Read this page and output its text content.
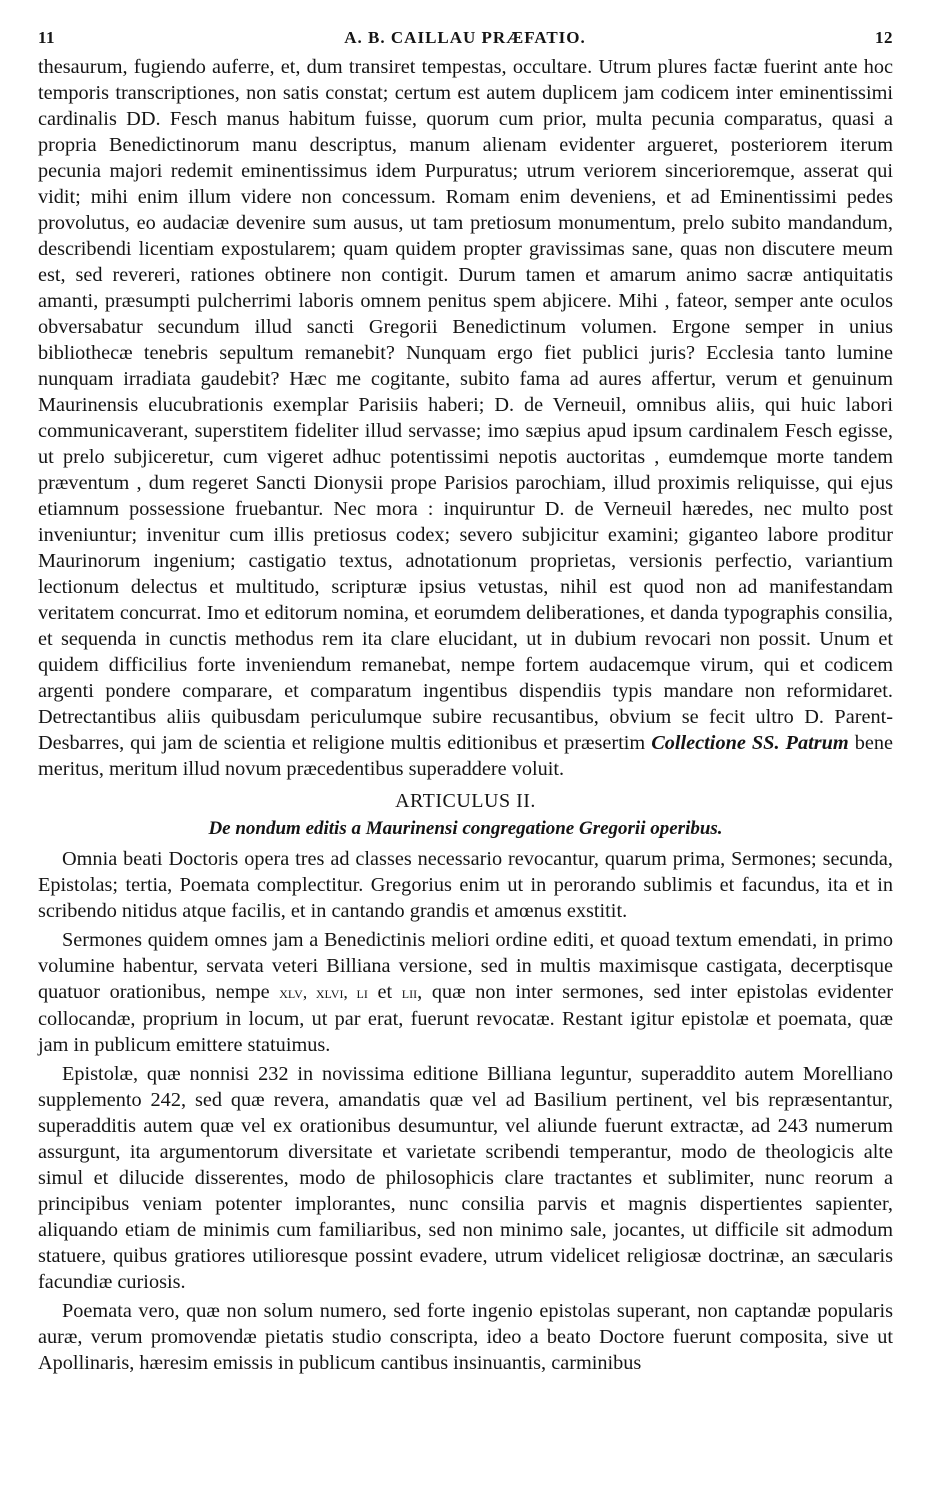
11	A. B. CAILLAU PRÆFATIO.	12

thesaurum, fugiendo auferre, et, dum transiret tempestas, occultare. Utrum plures factæ fuerint ante hoc temporis transcriptiones, non satis constat; certum est autem duplicem jam codicem inter eminentissimi cardinalis DD. Fesch manus habitum fuisse, quorum cum prior, multa pecunia comparatus, quasi a propria Benedictinorum manu descriptus, manum alienam evidenter argueret, posteriorem iterum pecunia majori redemit eminentissimus idem Purpuratus; utrum veriorem sincerioremque, asserat qui vidit; mihi enim illum videre non concessum. Romam enim deveniens, et ad Eminentissimi pedes provolutus, eo audaciæ devenire sum ausus, ut tam pretiosum monumentum, prelo subito mandandum, describendi licentiam expostularem; quam quidem propter gravissimas sane, quas non discutere meum est, sed revereri, rationes obtinere non contigit. Durum tamen et amarum animo sacræ antiquitatis amanti, præsumpti pulcherrimi laboris omnem penitus spem abjicere. Mihi , fateor, semper ante oculos obversabatur secundum illud sancti Gregorii Benedictinum volumen. Ergone semper in unius bibliothecæ tenebris sepultum remanebit? Nunquam ergo fiet publici juris? Ecclesia tanto lumine nunquam irradiata gaudebit? Hæc me cogitante, subito fama ad aures affertur, verum et genuinum Maurinensis elucubrationis exemplar Parisiis haberi; D. de Verneuil, omnibus aliis, qui huic labori communicaverant, superstitem fideliter illud servasse; imo sæpius apud ipsum cardinalem Fesch egisse, ut prelo subjiceretur, cum vigeret adhuc potentissimi nepotis auctoritas , eumdemque morte tandem præventum , dum regeret Sancti Dionysii prope Parisios parochiam, illud proximis reliquisse, qui ejus etiamnum possessione fruebantur. Nec mora : inquiruntur D. de Verneuil hæredes, nec multo post inveniuntur; invenitur cum illis pretiosus codex; severo subjicitur examini; giganteo labore proditur Maurinorum ingenium; castigatio textus, adnotationum proprietas, versionis perfectio, variantium lectionum delectus et multitudo, scripturæ ipsius vetustas, nihil est quod non ad manifestandam veritatem concurrat. Imo et editorum nomina, et eorumdem deliberationes, et danda typographis consilia, et sequenda in cunctis methodus rem ita clare elucidant, ut in dubium revocari non possit. Unum et quidem difficilius forte inveniendum remanebat, nempe fortem audacemque virum, qui et codicem argenti pondere comparare, et comparatum ingentibus dispendiis typis mandare non reformidaret. Detrectantibus aliis quibusdam periculumque subire recusantibus, obvium se fecit ultro D. Parent-Desbarres, qui jam de scientia et religione multis editionibus et præsertim Collectione SS. Patrum bene meritus, meritum illud novum præcedentibus superaddere voluit.

ARTICULUS II.
De nondum editis a Maurinensi congregatione Gregorii operibus.

Omnia beati Doctoris opera tres ad classes necessario revocantur, quarum prima, Sermones; secunda, Epistolas; tertia, Poemata complectitur. Gregorius enim ut in perorando sublimis et facundus, ita et in scribendo nitidus atque facilis, et in cantando grandis et amœnus exstitit.

Sermones quidem omnes jam a Benedictinis meliori ordine editi, et quoad textum emendati, in primo volumine habentur, servata veteri Billiana versione, sed in multis maximisque castigata, decerptisque quatuor orationibus, nempe xlv, xlvi, li et lii, quæ non inter sermones, sed inter epistolas evidenter collocandæ, proprium in locum, ut par erat, fuerunt revocatæ. Restant igitur epistolæ et poemata, quæ jam in publicum emittere statuimus.

Epistolæ, quæ nonnisi 232 in novissima editione Billiana leguntur, superaddito autem Morelliano supplemento 242, sed quæ revera, amandatis quæ vel ad Basilium pertinent, vel bis repræsentantur, superadditis autem quæ vel ex orationibus desumuntur, vel aliunde fuerunt extractæ, ad 243 numerum assurgunt, ita argumentorum diversitate et varietate scribendi temperantur, modo de theologicis alte simul et dilucide disserentes, modo de philosophicis clare tractantes et sublimiter, nunc reorum a principibus veniam potenter implorantes, nunc consilia parvis et magnis dispertientes sapienter, aliquando etiam de minimis cum familiaribus, sed non minimo sale, jocantes, ut difficile sit admodum statuere, quibus gratiores utilioresque possint evadere, utrum videlicet religiosæ doctrinæ, an sæcularis facundiæ curiosis.

Poemata vero, quæ non solum numero, sed forte ingenio epistolas superant, non captandæ popularis auræ, verum promovendæ pietatis studio conscripta, ideo a beato Doctore fuerunt composita, sive ut Apollinaris, hæresim emissis in publicum cantibus insinuantis, carminibus
